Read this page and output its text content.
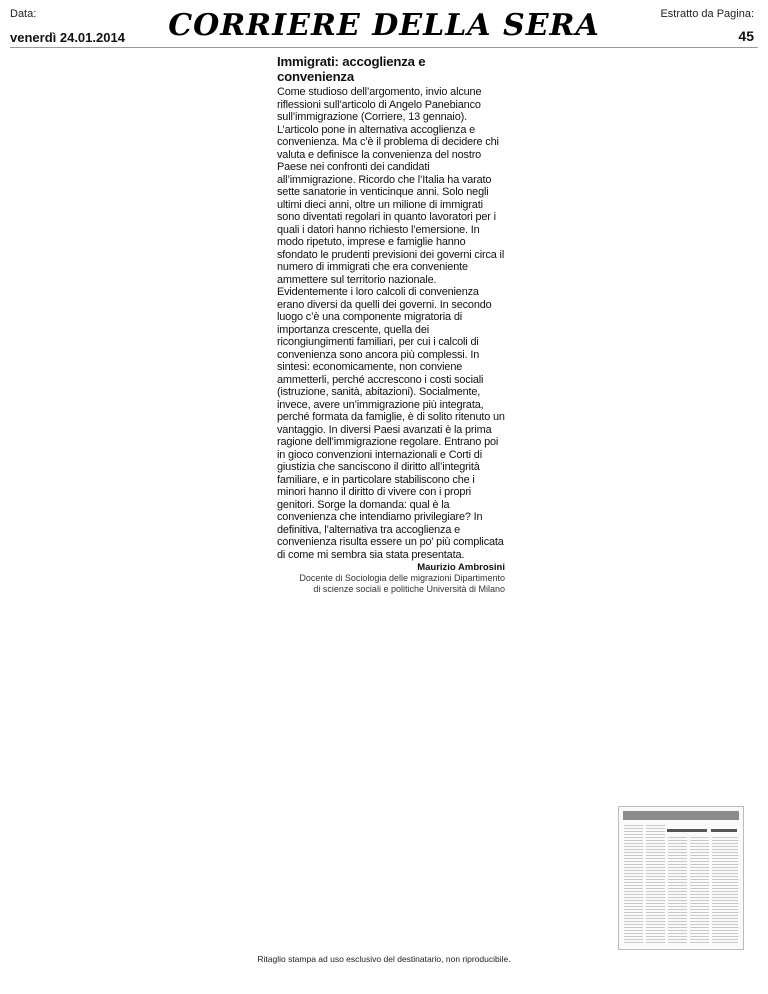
Data:
venerdì 24.01.2014	CORRIERE DELLA SERA	Estratto da Pagina:
45
Immigrati: accoglienza e convenienza

Come studioso dell’argomento, invio alcune riflessioni sull’articolo di Angelo Panebianco sull’immigrazione (Corriere, 13 gennaio). L’articolo pone in alternativa accoglienza e convenienza. Ma c’è il problema di decidere chi valuta e definisce la convenienza del nostro Paese nei confronti dei candidati all’immigrazione. Ricordo che l’Italia ha varato sette sanatorie in venticinque anni. Solo negli ultimi dieci anni, oltre un milione di immigrati sono diventati regolari in quanto lavoratori per i quali i datori hanno richiesto l’emersione. In modo ripetuto, imprese e famiglie hanno sfondato le prudenti previsioni dei governi circa il numero di immigrati che era conveniente ammettere sul territorio nazionale. Evidentemente i loro calcoli di convenienza erano diversi da quelli dei governi. In secondo luogo c’è una componente migratoria di importanza crescente, quella dei ricongiungimenti familiari, per cui i calcoli di convenienza sono ancora più complessi. In sintesi: economicamente, non conviene ammetterli, perché accrescono i costi sociali (istruzione, sanità, abitazioni). Socialmente, invece, avere un’immigrazione più integrata, perché formata da famiglie, è di solito ritenuto un vantaggio. In diversi Paesi avanzati è la prima ragione dell’immigrazione regolare. Entrano poi in gioco convenzioni internazionali e Corti di giustizia che sanciscono il diritto all’integrità familiare, e in particolare stabiliscono che i minori hanno il diritto di vivere con i propri genitori. Sorge la domanda: qual è la convenienza che intendiamo privilegiare? In definitiva, l’alternativa tra accoglienza e convenienza risulta essere un po’ più complicata di come mi sembra sia stata presentata.

Maurizio Ambrosini
Docente di Sociologia delle migrazioni Dipartimento
di scienze sociali e politiche Università di Milano
Ritaglio stampa ad uso esclusivo del destinatario, non riproducibile.
